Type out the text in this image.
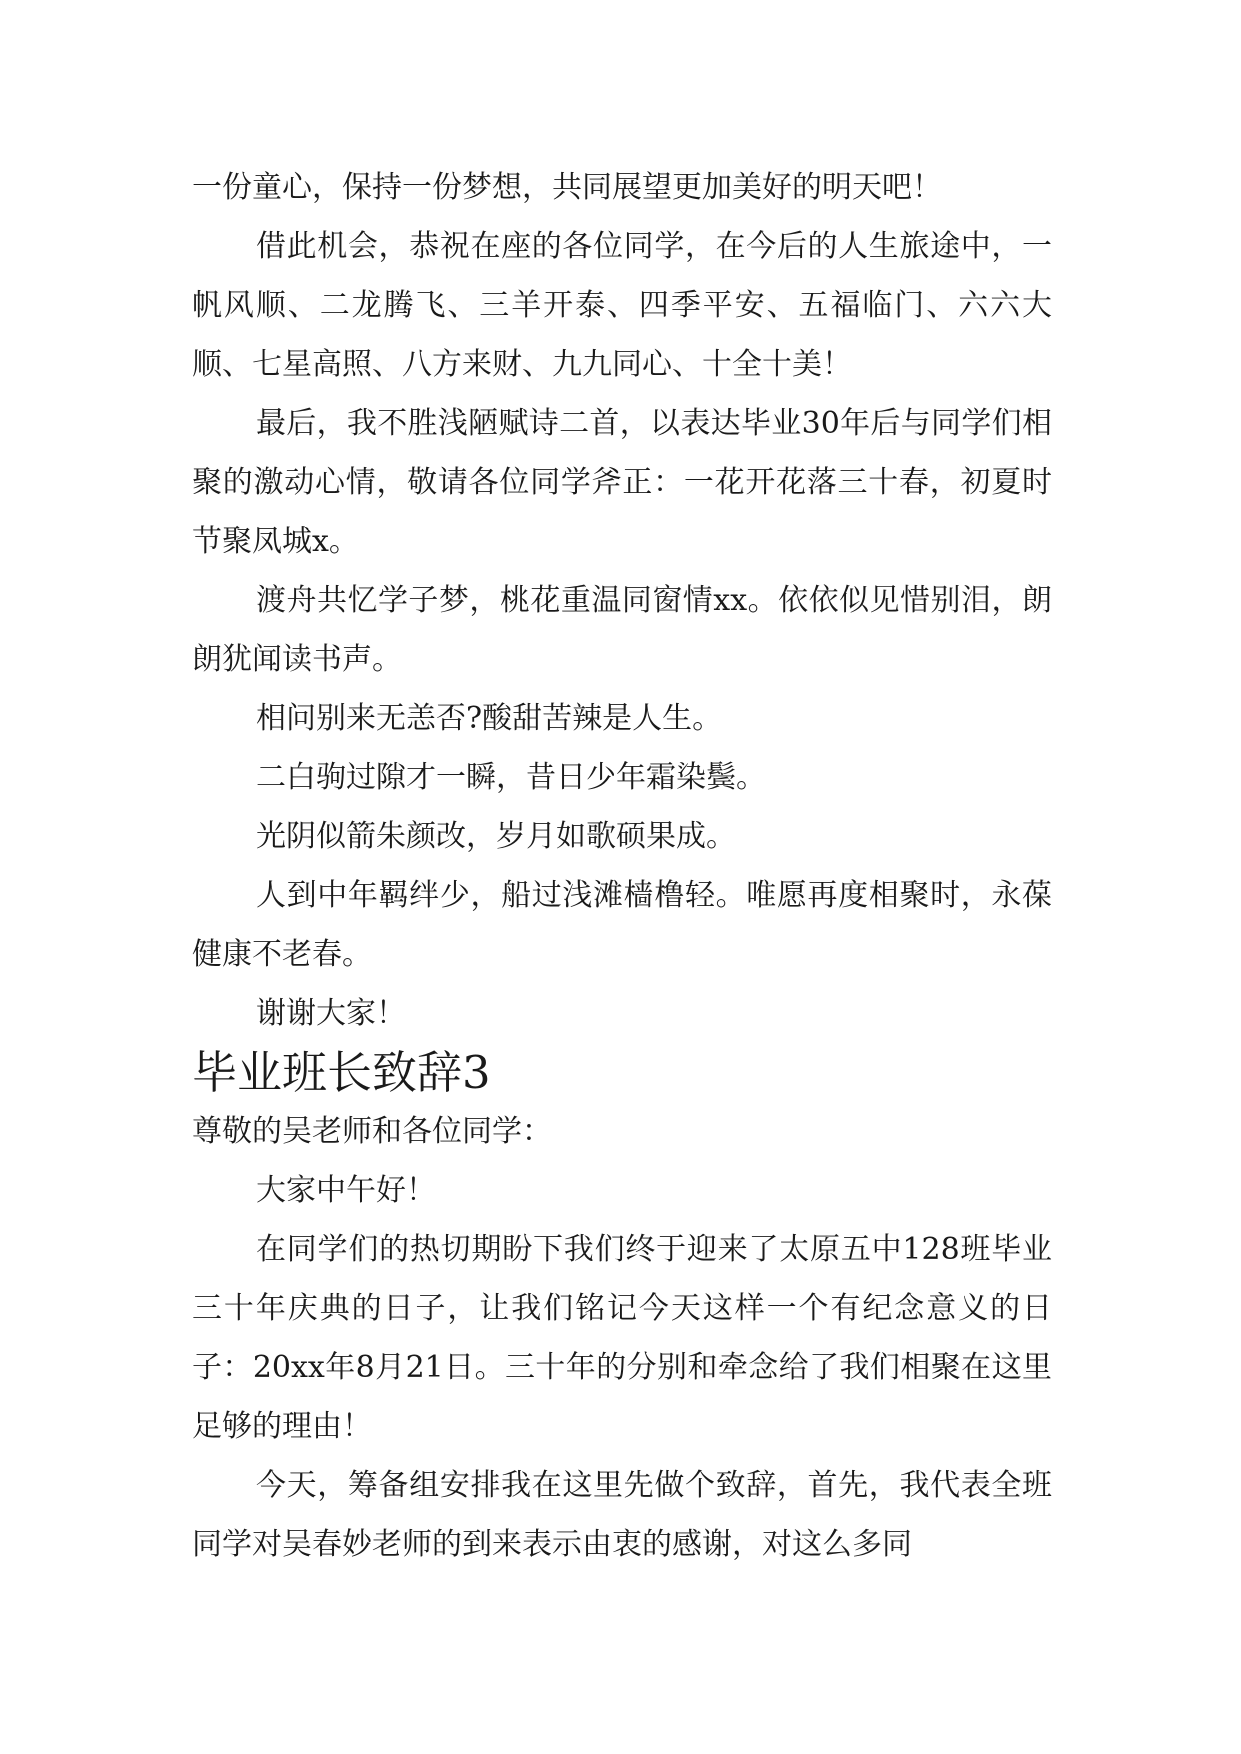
一份童心，保持一份梦想，共同展望更加美好的明天吧！

借此机会，恭祝在座的各位同学，在今后的人生旅途中，一帆风顺、二龙腾飞、三羊开泰、四季平安、五福临门、六六大顺、七星高照、八方来财、九九同心、十全十美！

最后，我不胜浅陋赋诗二首，以表达毕业30年后与同学们相聚的激动心情，敬请各位同学斧正：一花开花落三十春，初夏时节聚凤城x。

渡舟共忆学子梦，桃花重温同窗情xx。依依似见惜别泪，朗朗犹闻读书声。

相问别来无恙否?酸甜苦辣是人生。

二白驹过隙才一瞬，昔日少年霜染鬓。

光阴似箭朱颜改，岁月如歌硕果成。

人到中年羁绊少，船过浅滩樯橹轻。唯愿再度相聚时，永葆健康不老春。

谢谢大家！

毕业班长致辞3

尊敬的吴老师和各位同学：

大家中午好！

在同学们的热切期盼下我们终于迎来了太原五中128班毕业三十年庆典的日子，让我们铭记今天这样一个有纪念意义的日子：20xx年8月21日。三十年的分别和牵念给了我们相聚在这里足够的理由！

今天，筹备组安排我在这里先做个致辞，首先，我代表全班同学对吴春妙老师的到来表示由衷的感谢，对这么多同
